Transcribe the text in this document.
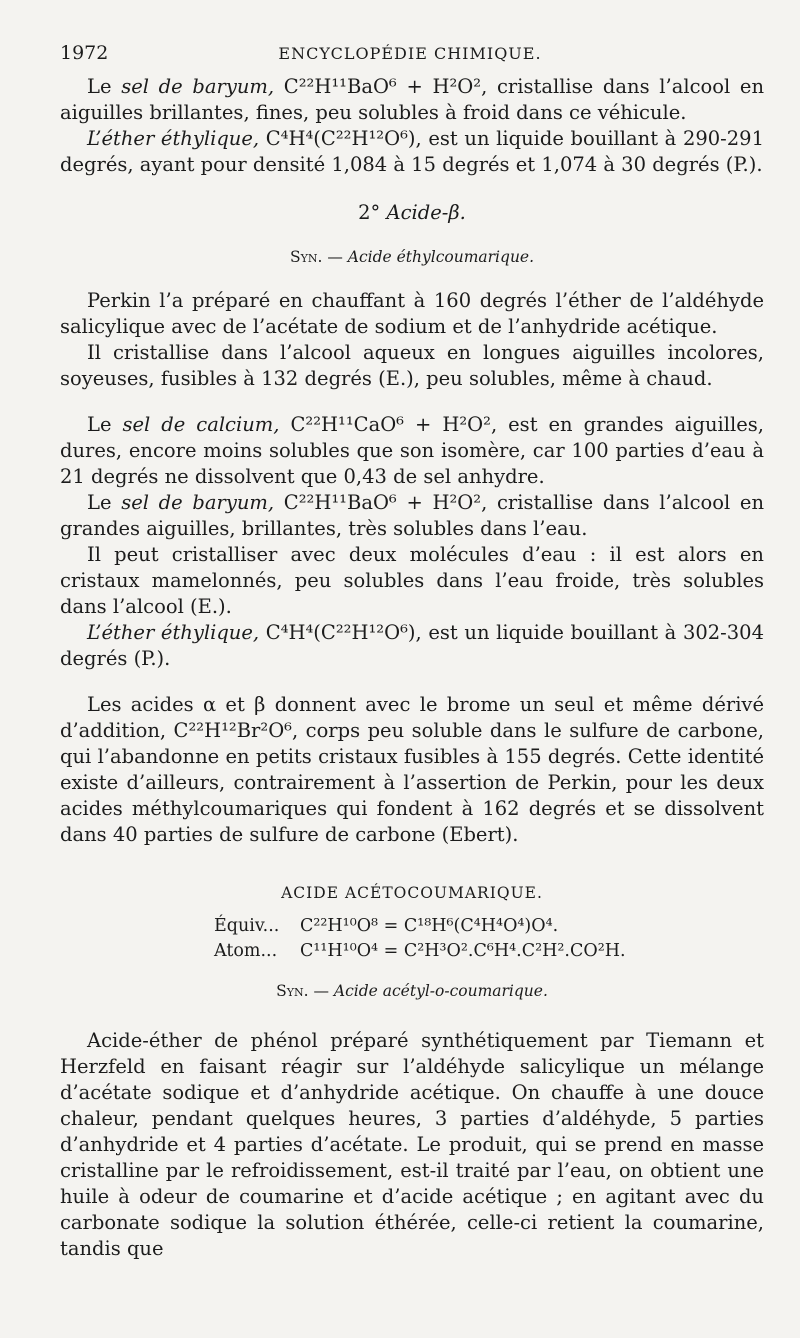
1972	ENCYCLOPÉDIE CHIMIQUE.

Le sel de baryum, C²²H¹¹BaO⁶ + H²O², cristallise dans l’alcool en aiguilles brillantes, fines, peu solubles à froid dans ce véhicule.

L’éther éthylique, C⁴H⁴(C²²H¹²O⁶), est un liquide bouillant à 290-291 degrés, ayant pour densité 1,084 à 15 degrés et 1,074 à 30 degrés (P.).

2° Acide-β.
Syn. — Acide éthylcoumarique.

Perkin l’a préparé en chauffant à 160 degrés l’éther de l’aldéhyde salicylique avec de l’acétate de sodium et de l’anhydride acétique.

Il cristallise dans l’alcool aqueux en longues aiguilles incolores, soyeuses, fusibles à 132 degrés (E.), peu solubles, même à chaud.

Le sel de calcium, C²²H¹¹CaO⁶ + H²O², est en grandes aiguilles, dures, encore moins solubles que son isomère, car 100 parties d’eau à 21 degrés ne dissolvent que 0,43 de sel anhydre.

Le sel de baryum, C²²H¹¹BaO⁶ + H²O², cristallise dans l’alcool en grandes aiguilles, brillantes, très solubles dans l’eau.

Il peut cristalliser avec deux molécules d’eau : il est alors en cristaux mamelonnés, peu solubles dans l’eau froide, très solubles dans l’alcool (E.).

L’éther éthylique, C⁴H⁴(C²²H¹²O⁶), est un liquide bouillant à 302-304 degrés (P.).

Les acides α et β donnent avec le brome un seul et même dérivé d’addition, C²²H¹²Br²O⁶, corps peu soluble dans le sulfure de carbone, qui l’abandonne en petits cristaux fusibles à 155 degrés. Cette identité existe d’ailleurs, contrairement à l’assertion de Perkin, pour les deux acides méthylcoumariques qui fondent à 162 degrés et se dissolvent dans 40 parties de sulfure de carbone (Ebert).

ACIDE ACÉTOCOUMARIQUE.
Équiv... C²²H¹⁰O⁸ = C¹⁸H⁶(C⁴H⁴O⁴)O⁴.
Atom... C¹¹H¹⁰O⁴ = C²H³O².C⁶H⁴.C²H².CO²H.
Syn. — Acide acétyl-o-coumarique.

Acide-éther de phénol préparé synthétiquement par Tiemann et Herzfeld en faisant réagir sur l’aldéhyde salicylique un mélange d’acétate sodique et d’anhydride acétique. On chauffe à une douce chaleur, pendant quelques heures, 3 parties d’aldéhyde, 5 parties d’anhydride et 4 parties d’acétate. Le produit, qui se prend en masse cristalline par le refroidissement, est-il traité par l’eau, on obtient une huile à odeur de coumarine et d’acide acétique ; en agitant avec du carbonate sodique la solution éthérée, celle-ci retient la coumarine, tandis que
